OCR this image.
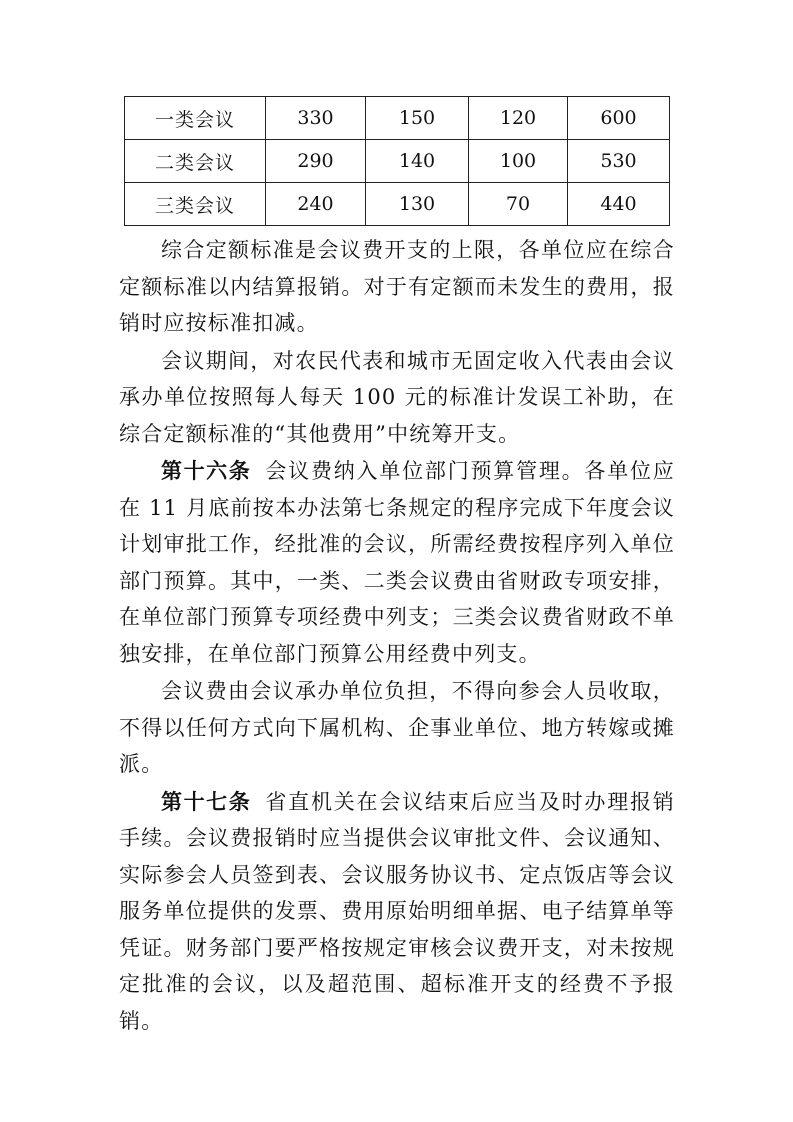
一类会议	330	150	120	600
二类会议	290	140	100	530
三类会议	240	130	70	440

综合定额标准是会议费开支的上限，各单位应在综合定额标准以内结算报销。对于有定额而未发生的费用，报销时应按标准扣减。

会议期间，对农民代表和城市无固定收入代表由会议承办单位按照每人每天 100 元的标准计发误工补助，在综合定额标准的“其他费用”中统筹开支。

第十六条 会议费纳入单位部门预算管理。各单位应在 11 月底前按本办法第七条规定的程序完成下年度会议计划审批工作，经批准的会议，所需经费按程序列入单位部门预算。其中，一类、二类会议费由省财政专项安排，在单位部门预算专项经费中列支；三类会议费省财政不单独安排，在单位部门预算公用经费中列支。

会议费由会议承办单位负担，不得向参会人员收取，不得以任何方式向下属机构、企事业单位、地方转嫁或摊派。

第十七条 省直机关在会议结束后应当及时办理报销手续。会议费报销时应当提供会议审批文件、会议通知、实际参会人员签到表、会议服务协议书、定点饭店等会议服务单位提供的发票、费用原始明细单据、电子结算单等凭证。财务部门要严格按规定审核会议费开支，对未按规定批准的会议，以及超范围、超标准开支的经费不予报销。
